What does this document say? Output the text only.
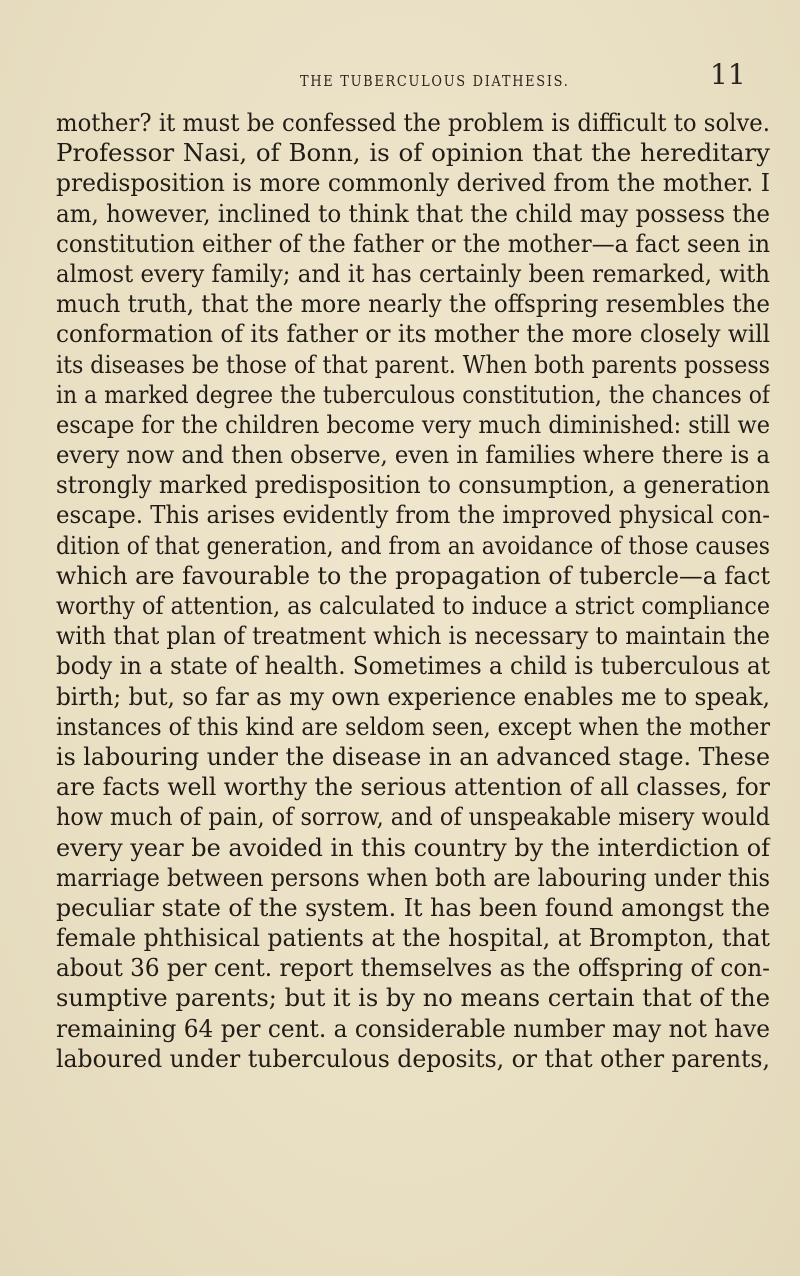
THE TUBERCULOUS DIATHESIS.	11
mother? it must be confessed the problem is difficult to solve.
Professor Nasi, of Bonn, is of opinion that the hereditary
predisposition is more commonly derived from the mother. I
am, however, inclined to think that the child may possess the
constitution either of the father or the mother—a fact seen in
almost every family; and it has certainly been remarked, with
much truth, that the more nearly the offspring resembles the
conformation of its father or its mother the more closely will
its diseases be those of that parent. When both parents possess
in a marked degree the tuberculous constitution, the chances of
escape for the children become very much diminished: still we
every now and then observe, even in families where there is a
strongly marked predisposition to consumption, a generation
escape. This arises evidently from the improved physical con-
dition of that generation, and from an avoidance of those causes
which are favourable to the propagation of tubercle—a fact
worthy of attention, as calculated to induce a strict compliance
with that plan of treatment which is necessary to maintain the
body in a state of health. Sometimes a child is tuberculous at
birth; but, so far as my own experience enables me to speak,
instances of this kind are seldom seen, except when the mother
is labouring under the disease in an advanced stage. These
are facts well worthy the serious attention of all classes, for
how much of pain, of sorrow, and of unspeakable misery would
every year be avoided in this country by the interdiction of
marriage between persons when both are labouring under this
peculiar state of the system. It has been found amongst the
female phthisical patients at the hospital, at Brompton, that
about 36 per cent. report themselves as the offspring of con-
sumptive parents; but it is by no means certain that of the
remaining 64 per cent. a considerable number may not have
laboured under tuberculous deposits, or that other parents,
